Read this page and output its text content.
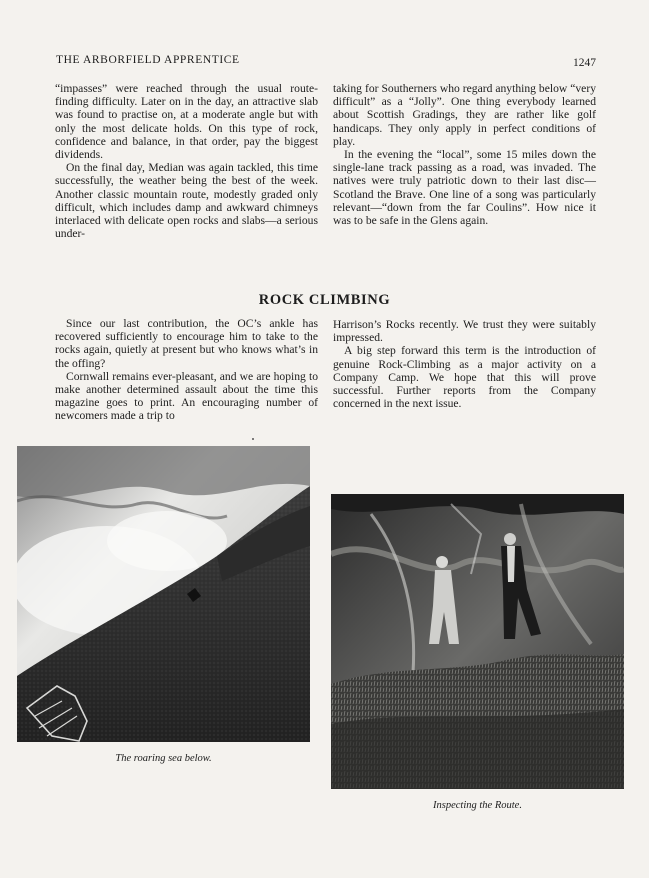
THE ARBORFIELD APPRENTICE	1247

“impasses” were reached through the usual route-finding difficulty. Later on in the day, an attractive slab was found to practise on, at a moderate angle but with only the most delicate holds. On this type of rock, confidence and balance, in that order, pay the biggest dividends.

On the final day, Median was again tackled, this time successfully, the weather being the best of the week. Another classic mountain route, modestly graded only difficult, which includes damp and awkward chimneys interlaced with delicate open rocks and slabs—a serious under-

taking for Southerners who regard anything below “very difficult” as a “Jolly”. One thing everybody learned about Scottish Gradings, they are rather like golf handicaps. They only apply in perfect conditions of play.

In the evening the “local”, some 15 miles down the single-lane track passing as a road, was invaded. The natives were truly patriotic down to their last disc—Scotland the Brave. One line of a song was particularly relevant—“down from the far Coulins”. How nice it was to be safe in the Glens again.

ROCK CLIMBING

Since our last contribution, the OC’s ankle has recovered sufficiently to encourage him to take to the rocks again, quietly at present but who knows what’s in the offing?

Cornwall remains ever-pleasant, and we are hoping to make another determined assault about the time this magazine goes to print. An encouraging number of newcomers made a trip to

Harrison’s Rocks recently. We trust they were suitably impressed.

A big step forward this term is the introduction of genuine Rock-Climbing as a major activity on a Company Camp. We hope that this will prove successful. Further reports from the Company concerned in the next issue.

The roaring sea below.
Inspecting the Route.
